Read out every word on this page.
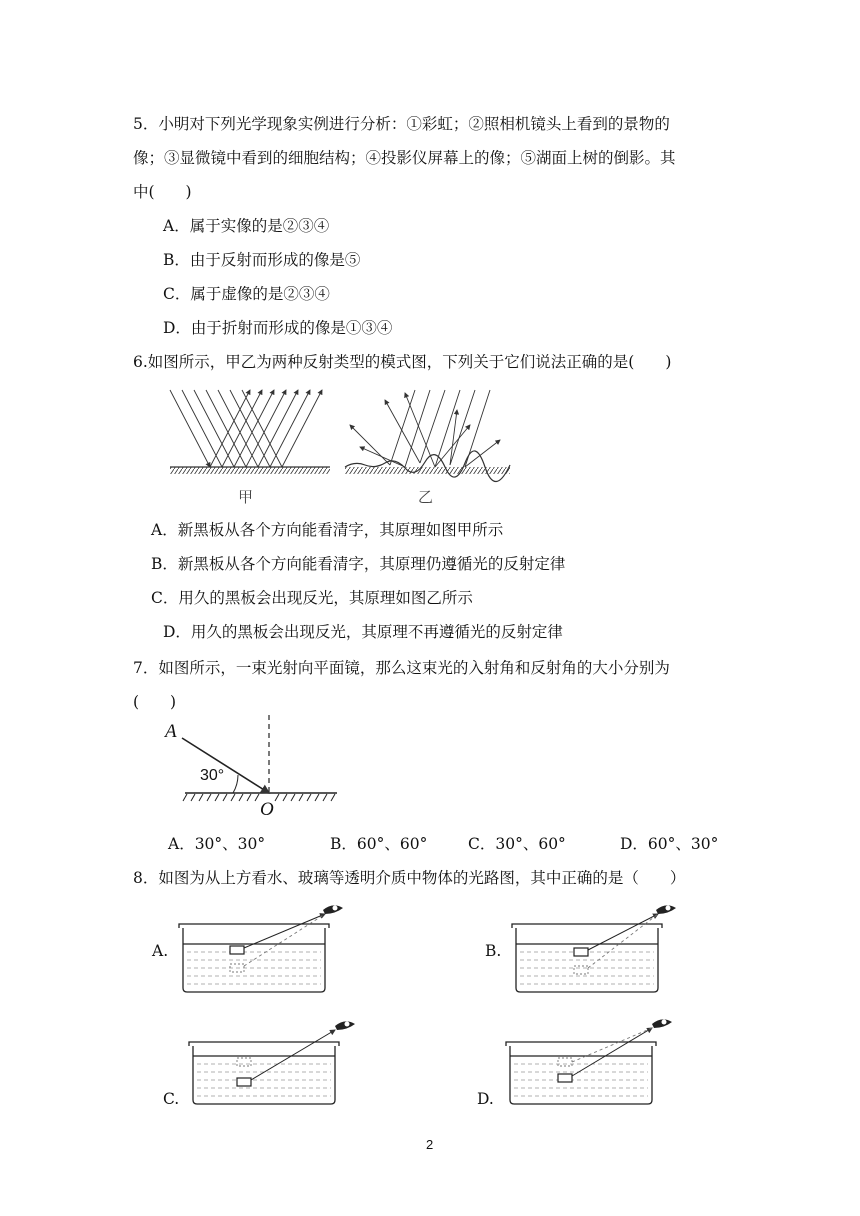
5．小明对下列光学现象实例进行分析：①彩虹；②照相机镜头上看到的景物的
像；③显微镜中看到的细胞结构；④投影仪屏幕上的像；⑤湖面上树的倒影。其
中(　　)
A．属于实像的是②③④
B．由于反射而形成的像是⑤
C．属于虚像的是②③④
D．由于折射而形成的像是①③④
6.如图所示，甲乙为两种反射类型的模式图，下列关于它们说法正确的是(　　)
甲	乙
A．新黑板从各个方向能看清字，其原理如图甲所示
B．新黑板从各个方向能看清字，其原理仍遵循光的反射定律
C．用久的黑板会出现反光，其原理如图乙所示
D．用久的黑板会出现反光，其原理不再遵循光的反射定律
7．如图所示，一束光射向平面镜，那么这束光的入射角和反射角的大小分别为
(　　)
A
30°
O
A．30°、30°	B．60°、60°	C．30°、60°	D．60°、30°
8．如图为从上方看水、玻璃等透明介质中物体的光路图，其中正确的是（　　）
A.	B.
C.	D.
2
